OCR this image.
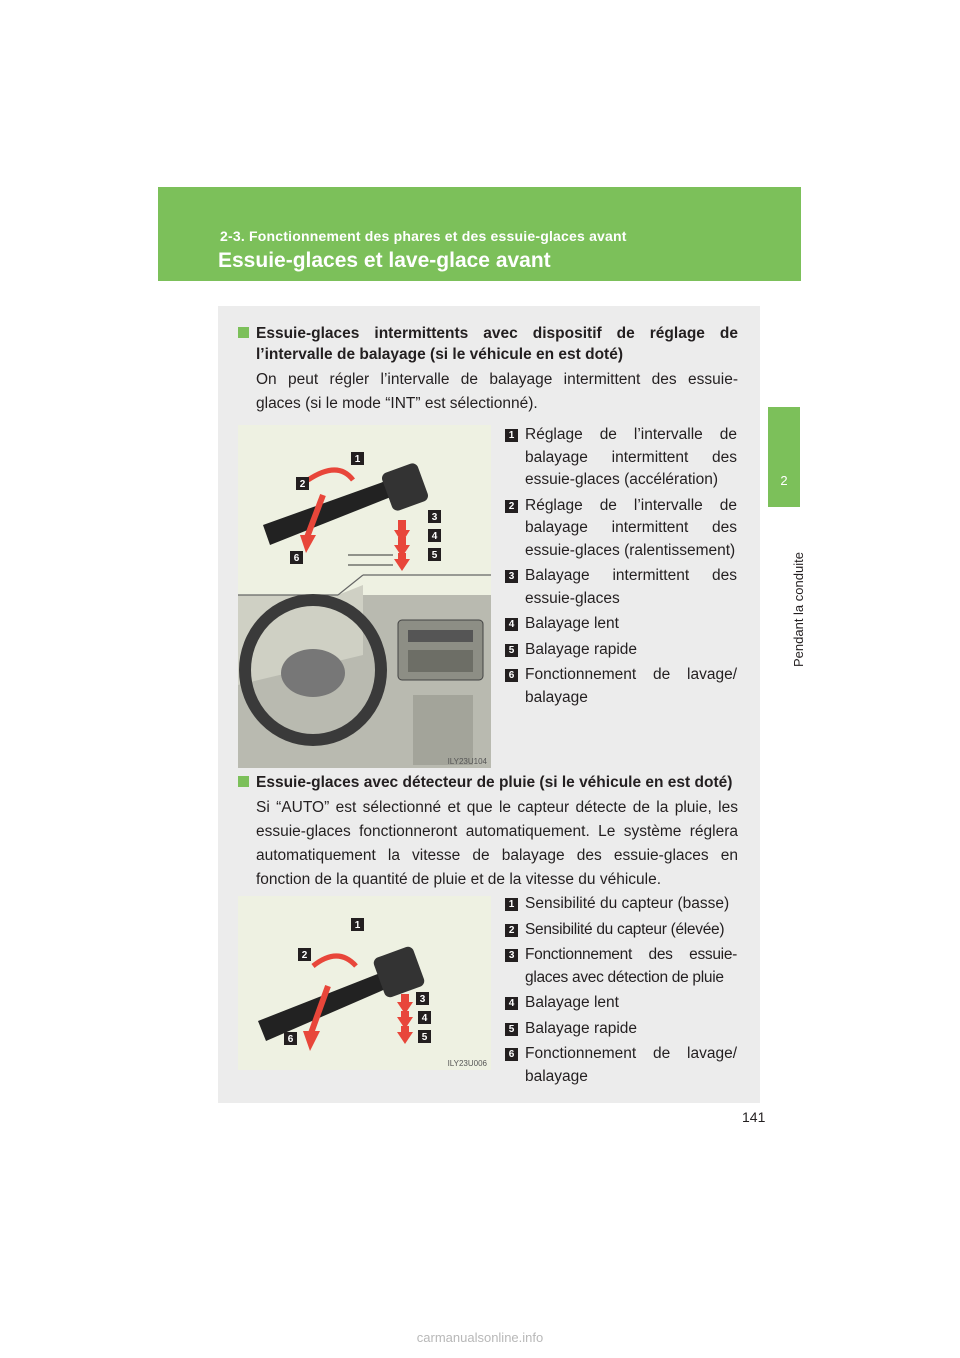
2-3. Fonctionnement des phares et des essuie-glaces avant
Essuie-glaces et lave-glace avant
2
Pendant la conduite
Essuie-glaces intermittents avec dispositif de réglage de
l’intervalle de balayage (si le véhicule en est doté)
On peut régler l’intervalle de balayage intermittent des essuie-
glaces (si le mode “INT” est sélectionné).
1
2
3
4
5
6
ILY23U104
1 Réglage de l’intervalle de balayage intermittent des essuie-glaces (accélération)
2 Réglage de l’intervalle de balayage intermittent des essuie-glaces (ralentissement)
3 Balayage intermittent des essuie-glaces
4 Balayage lent
5 Balayage rapide
6 Fonctionnement de lavage/ balayage
Essuie-glaces avec détecteur de pluie (si le véhicule en est doté)
Si “AUTO” est sélectionné et que le capteur détecte de la pluie, les
essuie-glaces fonctionneront automatiquement. Le système réglera
automatiquement la vitesse de balayage des essuie-glaces en
fonction de la quantité de pluie et de la vitesse du véhicule.
1
2
3
4
5
6
ILY23U006
1 Sensibilité du capteur (basse)
2 Sensibilité du capteur (élevée)
3 Fonctionnement des essuie-glaces avec détection de pluie
4 Balayage lent
5 Balayage rapide
6 Fonctionnement de lavage/ balayage
141
carmanualsonline.info
